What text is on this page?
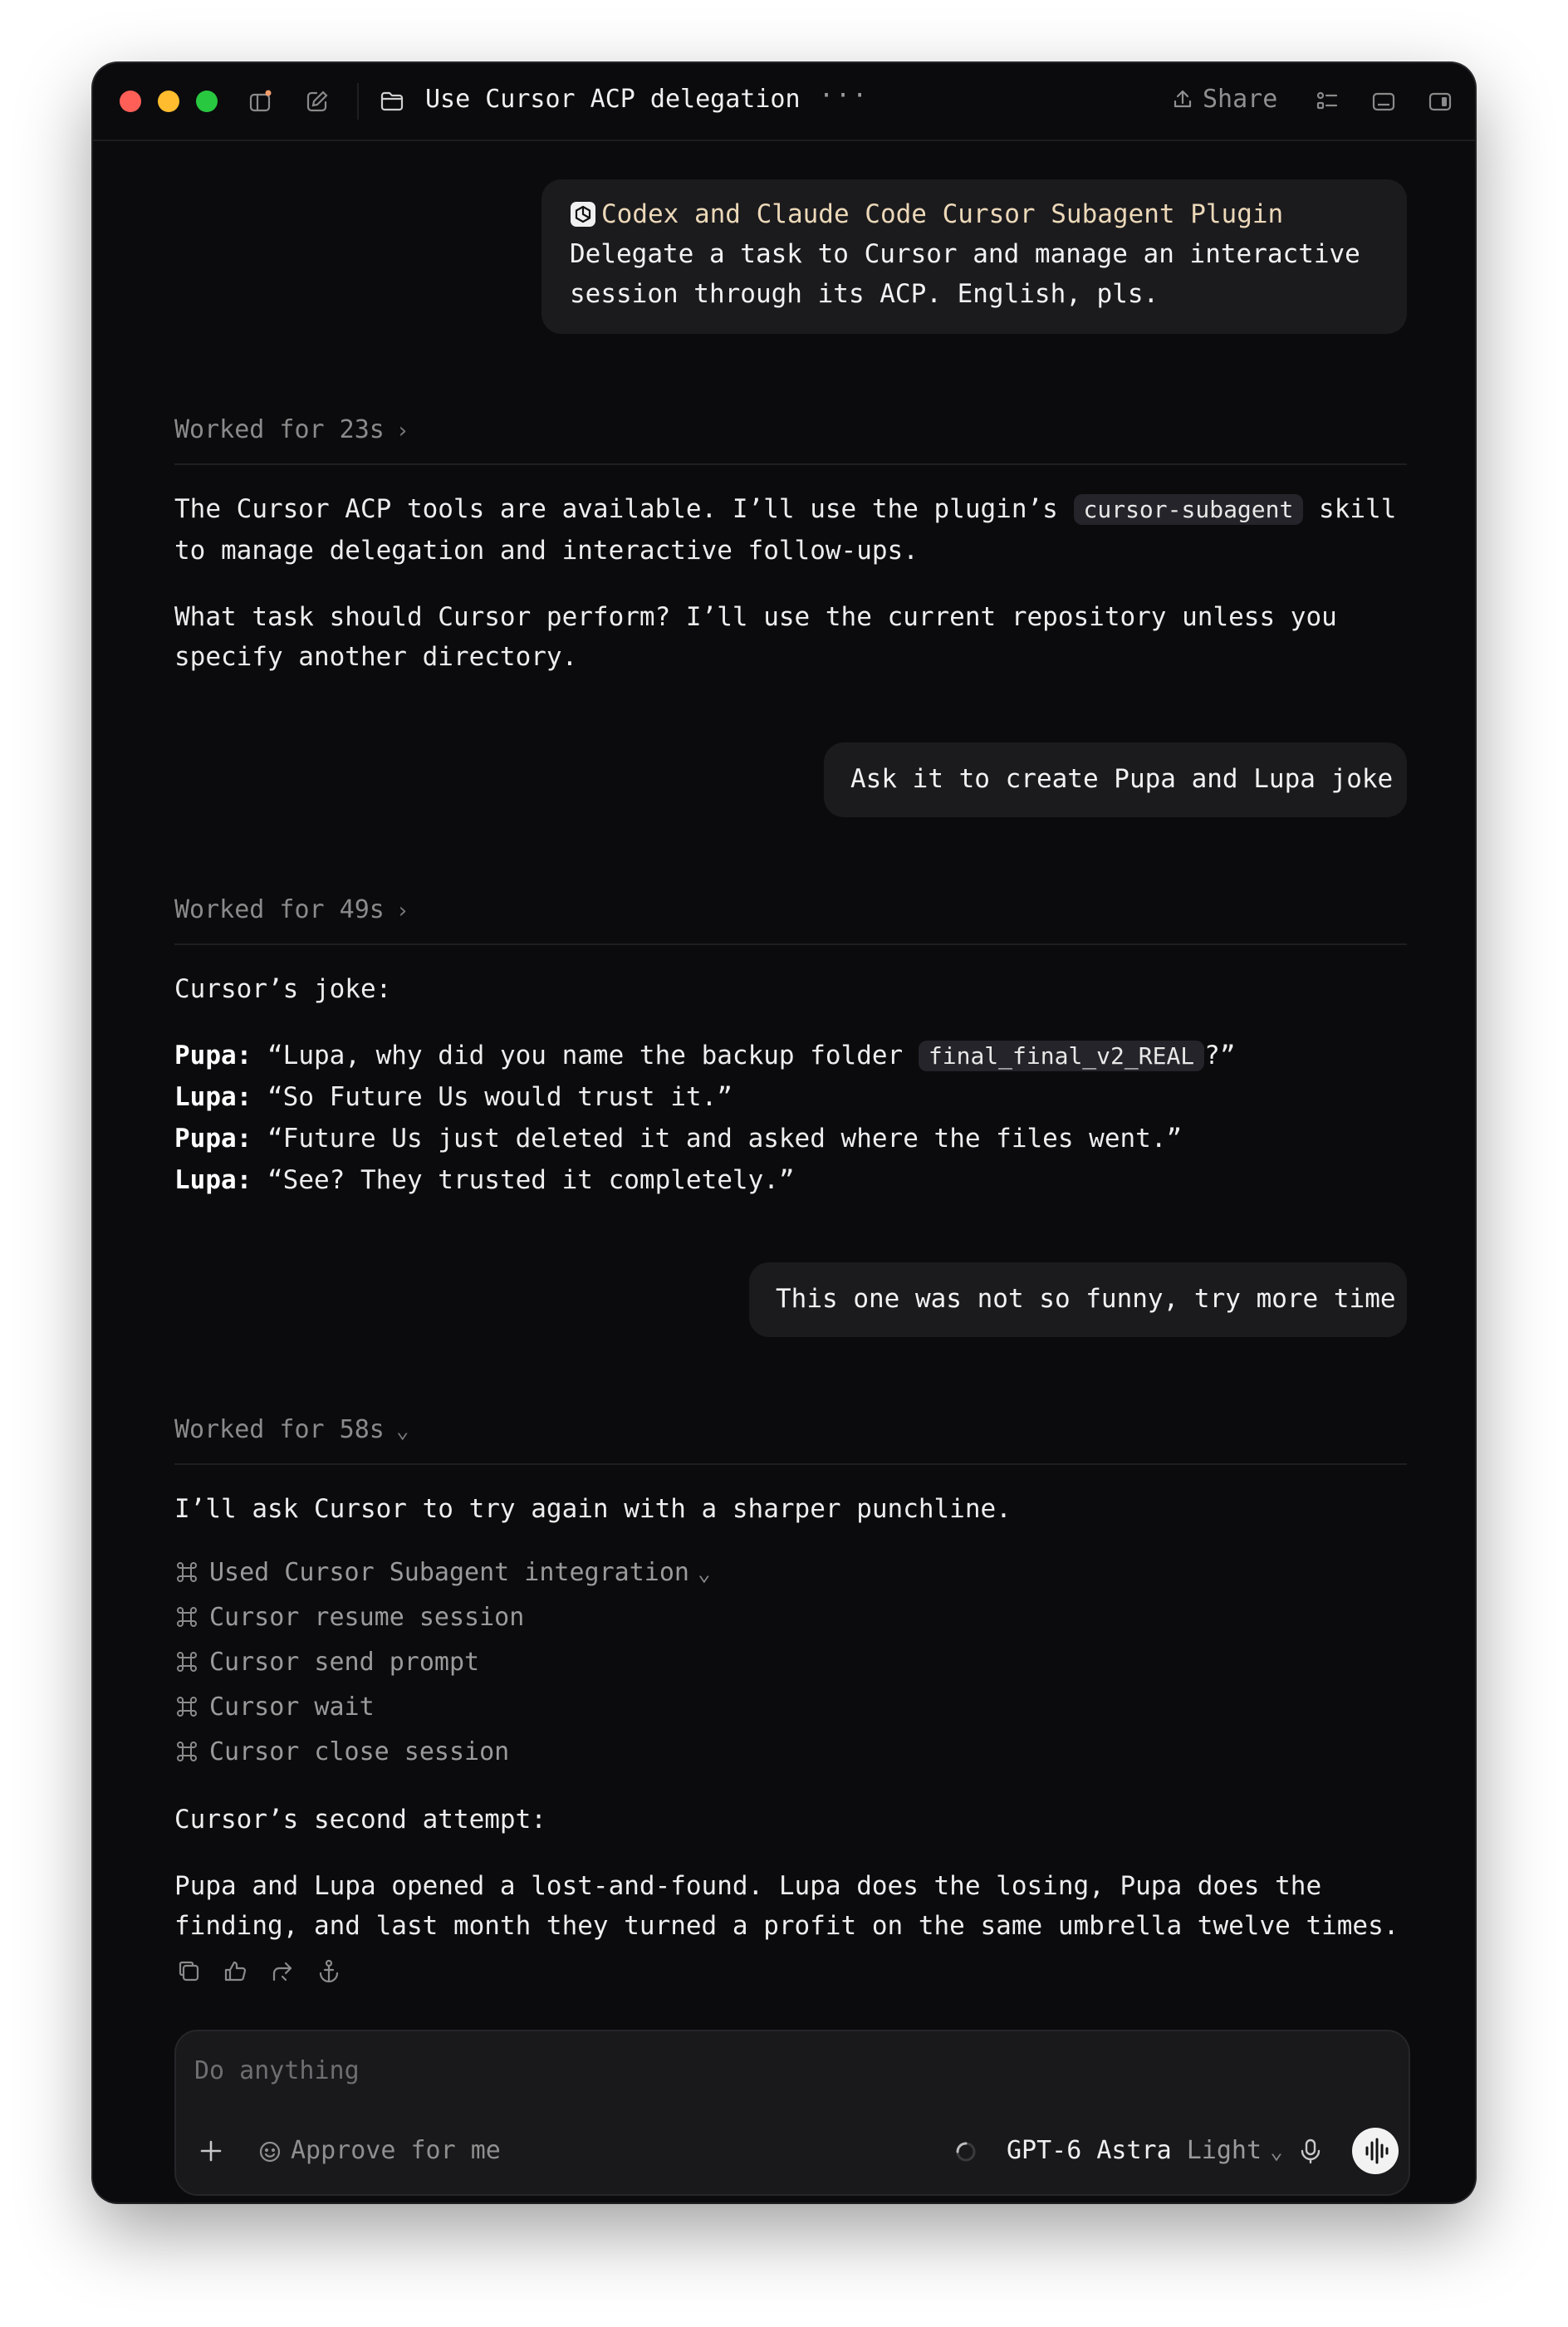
Use Cursor ACP delegation ···	Share
Codex and Claude Code Cursor Subagent Plugin
Delegate a task to Cursor and manage an interactive
session through its ACP. English, pls.
Worked for 23s ›
The Cursor ACP tools are available. I’ll use the plugin’s cursor-subagent skill
to manage delegation and interactive follow-ups.
What task should Cursor perform? I’ll use the current repository unless you
specify another directory.
Ask it to create Pupa and Lupa joke
Worked for 49s ›
Cursor’s joke:
Pupa: “Lupa, why did you name the backup folder final_final_v2_REAL ?”
Lupa: “So Future Us would trust it.”
Pupa: “Future Us just deleted it and asked where the files went.”
Lupa: “See? They trusted it completely.”
This one was not so funny, try more time
Worked for 58s ⌄
I’ll ask Cursor to try again with a sharper punchline.
Used Cursor Subagent integration ⌄
Cursor resume session
Cursor send prompt
Cursor wait
Cursor close session
Cursor’s second attempt:
Pupa and Lupa opened a lost-and-found. Lupa does the losing, Pupa does the
finding, and last month they turned a profit on the same umbrella twelve times.
Do anything
Approve for me	GPT-6 Astra Light ⌄
